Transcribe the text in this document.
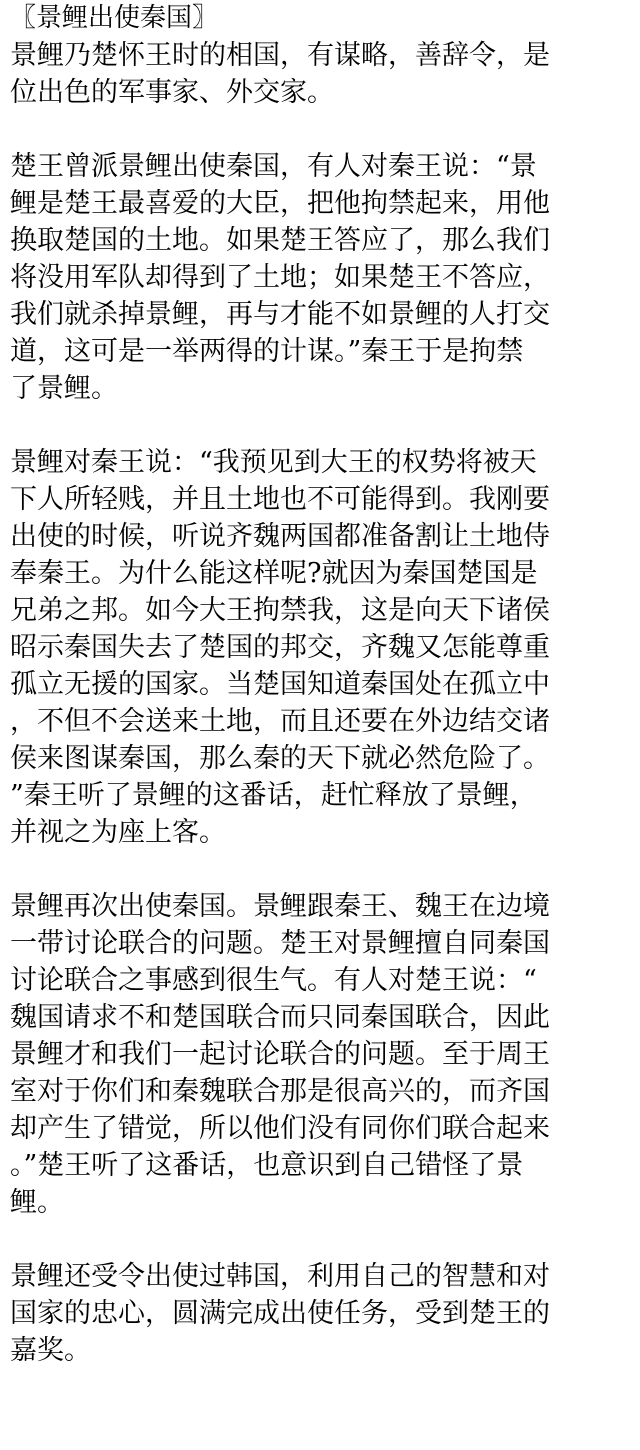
〖景鲤出使秦国〗
景鲤乃楚怀王时的相国，有谋略，善辞令，是
位出色的军事家、外交家。
楚王曾派景鲤出使秦国，有人对秦王说：“景
鲤是楚王最喜爱的大臣，把他拘禁起来，用他
换取楚国的土地。如果楚王答应了，那么我们
将没用军队却得到了土地；如果楚王不答应，
我们就杀掉景鲤，再与才能不如景鲤的人打交
道，这可是一举两得的计谋。”秦王于是拘禁
了景鲤。
景鲤对秦王说：“我预见到大王的权势将被天
下人所轻贱，并且土地也不可能得到。我刚要
出使的时候，听说齐魏两国都准备割让土地侍
奉秦王。为什么能这样呢?就因为秦国楚国是
兄弟之邦。如今大王拘禁我，这是向天下诸侯
昭示秦国失去了楚国的邦交，齐魏又怎能尊重
孤立无援的国家。当楚国知道秦国处在孤立中
，不但不会送来土地，而且还要在外边结交诸
侯来图谋秦国，那么秦的天下就必然危险了。
”秦王听了景鲤的这番话，赶忙释放了景鲤，
并视之为座上客。
景鲤再次出使秦国。景鲤跟秦王、魏王在边境
一带讨论联合的问题。楚王对景鲤擅自同秦国
讨论联合之事感到很生气。有人对楚王说：“
魏国请求不和楚国联合而只同秦国联合，因此
景鲤才和我们一起讨论联合的问题。至于周王
室对于你们和秦魏联合那是很高兴的，而齐国
却产生了错觉，所以他们没有同你们联合起来
。”楚王听了这番话，也意识到自己错怪了景
鲤。
景鲤还受令出使过韩国，利用自己的智慧和对
国家的忠心，圆满完成出使任务，受到楚王的
嘉奖。
